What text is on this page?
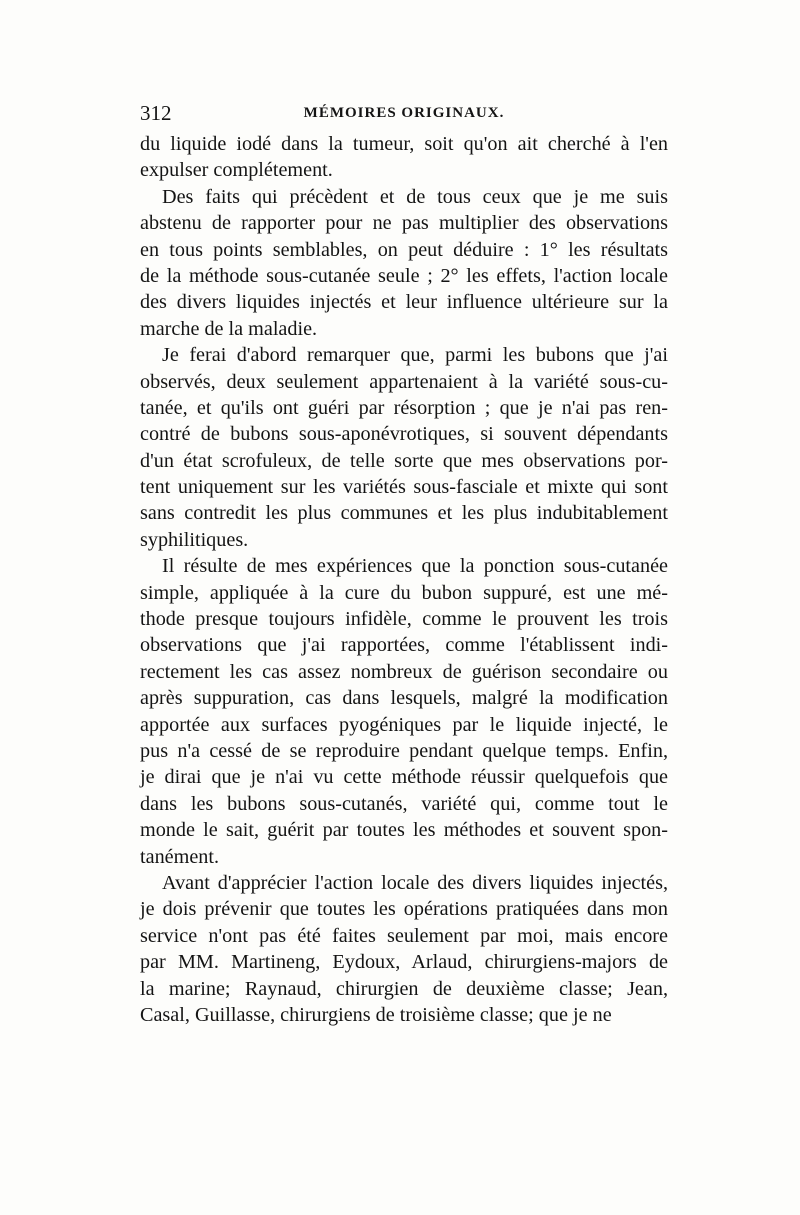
312	MÉMOIRES ORIGINAUX.
du liquide iodé dans la tumeur, soit qu'on ait cherché à l'en
expulser complétement.
Des faits qui précèdent et de tous ceux que je me suis
abstenu de rapporter pour ne pas multiplier des observations
en tous points semblables, on peut déduire : 1° les résultats
de la méthode sous-cutanée seule ; 2° les effets, l'action locale
des divers liquides injectés et leur influence ultérieure sur la
marche de la maladie.
Je ferai d'abord remarquer que, parmi les bubons que j'ai
observés, deux seulement appartenaient à la variété sous-cu-
tanée, et qu'ils ont guéri par résorption ; que je n'ai pas ren-
contré de bubons sous-aponévrotiques, si souvent dépendants
d'un état scrofuleux, de telle sorte que mes observations por-
tent uniquement sur les variétés sous-fasciale et mixte qui sont
sans contredit les plus communes et les plus indubitablement
syphilitiques.
Il résulte de mes expériences que la ponction sous-cutanée
simple, appliquée à la cure du bubon suppuré, est une mé-
thode presque toujours infidèle, comme le prouvent les trois
observations que j'ai rapportées, comme l'établissent indi-
rectement les cas assez nombreux de guérison secondaire ou
après suppuration, cas dans lesquels, malgré la modification
apportée aux surfaces pyogéniques par le liquide injecté, le
pus n'a cessé de se reproduire pendant quelque temps. Enfin,
je dirai que je n'ai vu cette méthode réussir quelquefois que
dans les bubons sous-cutanés, variété qui, comme tout le
monde le sait, guérit par toutes les méthodes et souvent spon-
tanément.
Avant d'apprécier l'action locale des divers liquides injectés,
je dois prévenir que toutes les opérations pratiquées dans mon
service n'ont pas été faites seulement par moi, mais encore
par MM. Martineng, Eydoux, Arlaud, chirurgiens-majors de
la marine; Raynaud, chirurgien de deuxième classe; Jean,
Casal, Guillasse, chirurgiens de troisième classe; que je ne
